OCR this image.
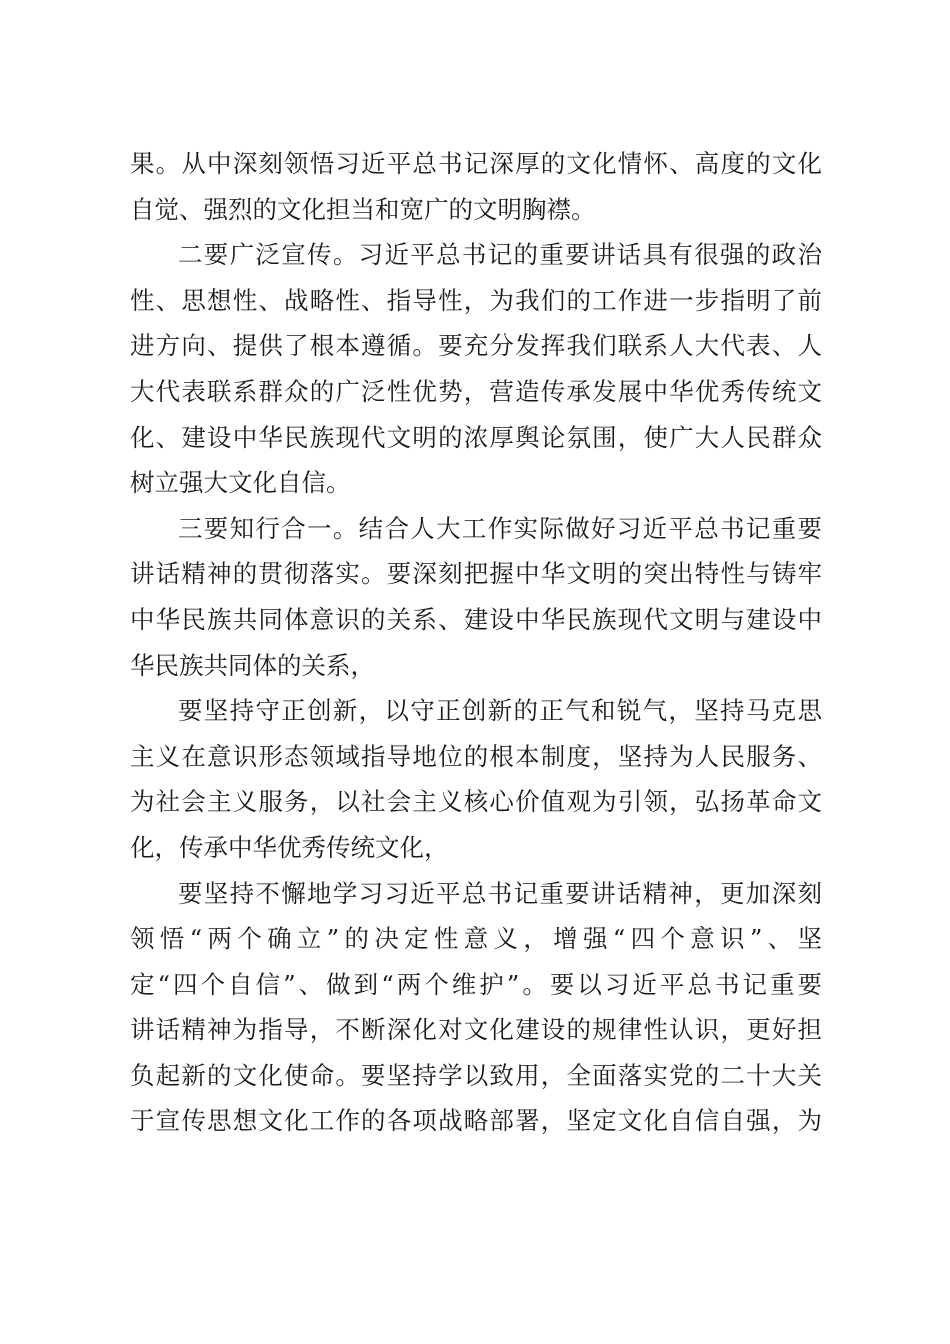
果。从中深刻领悟习近平总书记深厚的文化情怀、高度的文化
自觉、强烈的文化担当和宽广的文明胸襟。
二要广泛宣传。习近平总书记的重要讲话具有很强的政治
性、思想性、战略性、指导性，为我们的工作进一步指明了前
进方向、提供了根本遵循。要充分发挥我们联系人大代表、人
大代表联系群众的广泛性优势，营造传承发展中华优秀传统文
化、建设中华民族现代文明的浓厚舆论氛围，使广大人民群众
树立强大文化自信。
三要知行合一。结合人大工作实际做好习近平总书记重要
讲话精神的贯彻落实。要深刻把握中华文明的突出特性与铸牢
中华民族共同体意识的关系、建设中华民族现代文明与建设中
华民族共同体的关系，
要坚持守正创新，以守正创新的正气和锐气，坚持马克思
主义在意识形态领域指导地位的根本制度，坚持为人民服务、
为社会主义服务，以社会主义核心价值观为引领，弘扬革命文
化，传承中华优秀传统文化，
要坚持不懈地学习习近平总书记重要讲话精神，更加深刻
领悟“两个确立”的决定性意义，增强“四个意识”、坚
定“四个自信”、做到“两个维护”。要以习近平总书记重要
讲话精神为指导，不断深化对文化建设的规律性认识，更好担
负起新的文化使命。要坚持学以致用，全面落实党的二十大关
于宣传思想文化工作的各项战略部署，坚定文化自信自强，为
